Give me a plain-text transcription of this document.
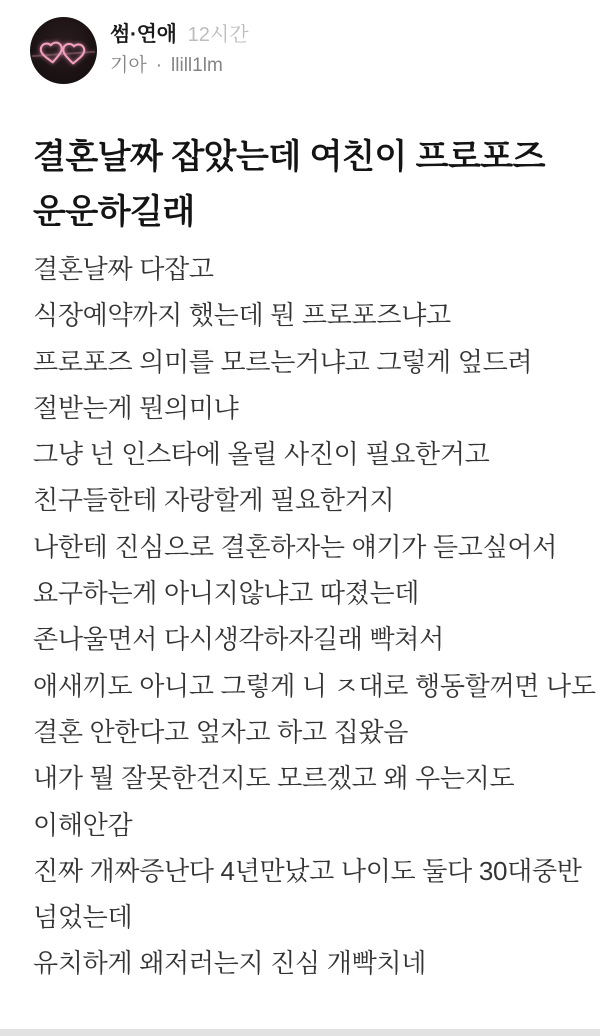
썸·연애 12시간
기아 · llill1lm
결혼날짜 잡았는데 여친이 프로포즈
운운하길래
결혼날짜 다잡고
식장예약까지 했는데 뭔 프로포즈냐고
프로포즈 의미를 모르는거냐고 그렇게 엎드려
절받는게 뭔의미냐
그냥 넌 인스타에 올릴 사진이 필요한거고
친구들한테 자랑할게 필요한거지
나한테 진심으로 결혼하자는 얘기가 듣고싶어서
요구하는게 아니지않냐고 따졌는데
존나울면서 다시생각하자길래 빡쳐서
애새끼도 아니고 그렇게 니 ㅈ대로 행동할꺼면 나도
결혼 안한다고 엎자고 하고 집왔음
내가 뭘 잘못한건지도 모르겠고 왜 우는지도
이해안감
진짜 개짜증난다 4년만났고 나이도 둘다 30대중반
넘었는데
유치하게 왜저러는지 진심 개빡치네
